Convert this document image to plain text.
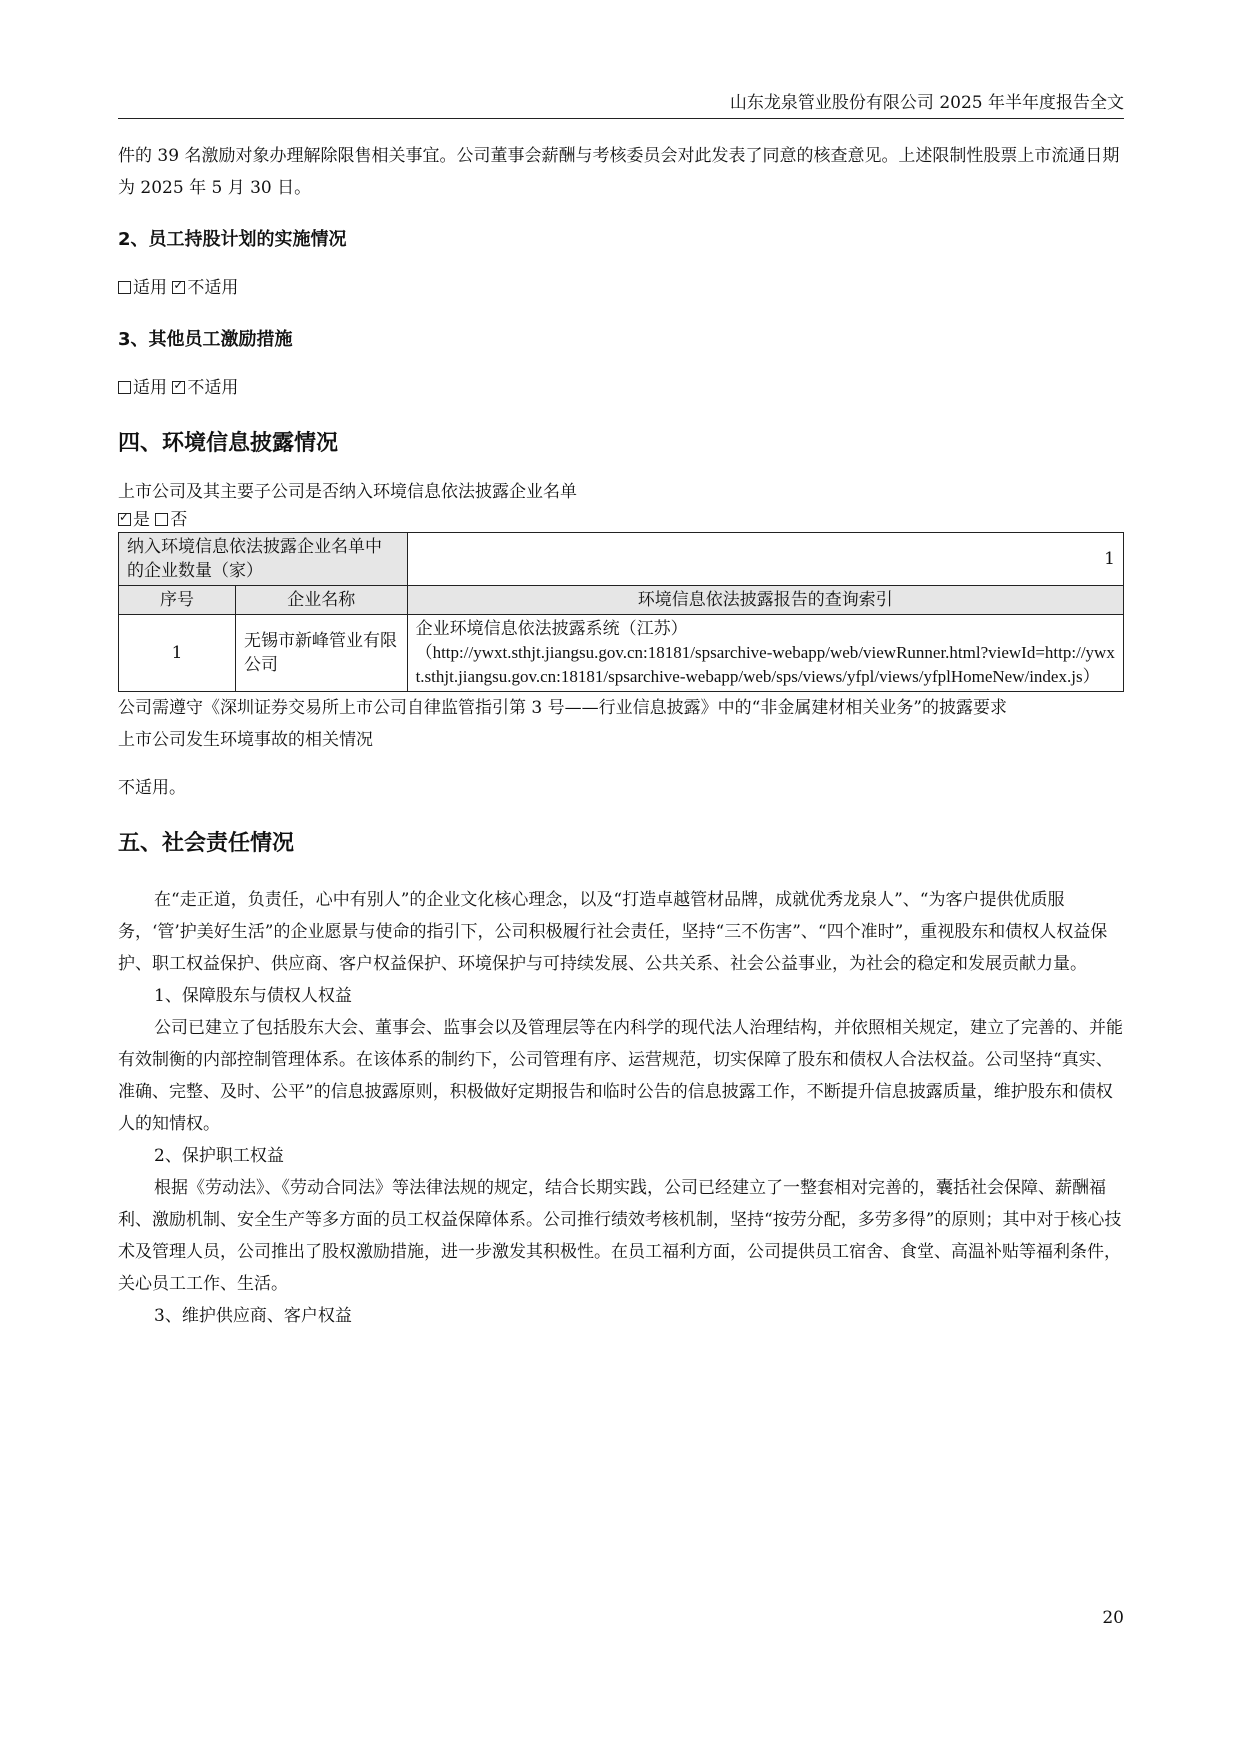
山东龙泉管业股份有限公司 2025 年半年度报告全文

件的 39 名激励对象办理解除限售相关事宜。公司董事会薪酬与考核委员会对此发表了同意的核查意见。上述限制性股票上市流通日期为 2025 年 5 月 30 日。

2、员工持股计划的实施情况
适用 ✓ 不适用
3、其他员工激励措施
适用 ✓ 不适用
四、环境信息披露情况

上市公司及其主要子公司是否纳入环境信息依法披露企业名单

✓是 否
纳入环境信息依法披露企业名单中的企业数量（家）		1
序号	企业名称	环境信息依法披露报告的查询索引
1	无锡市新峰管业有限公司	企业环境信息依法披露系统（江苏）
（http://ywxt.sthjt.jiangsu.gov.cn:18181/spsarchive-webapp/web/viewRunner.html?viewId=http://ywxt.sthjt.jiangsu.gov.cn:18181/spsarchive-webapp/web/sps/views/yfpl/views/yfplHomeNew/index.js）

公司需遵守《深圳证券交易所上市公司自律监管指引第 3 号——行业信息披露》中的“非金属建材相关业务”的披露要求

上市公司发生环境事故的相关情况

不适用。

五、社会责任情况

在“走正道，负责任，心中有别人”的企业文化核心理念，以及“打造卓越管材品牌，成就优秀龙泉人”、“为客户提供优质服务，‘管’护美好生活”的企业愿景与使命的指引下，公司积极履行社会责任，坚持“三不伤害”、“四个准时”，重视股东和债权人权益保护、职工权益保护、供应商、客户权益保护、环境保护与可持续发展、公共关系、社会公益事业，为社会的稳定和发展贡献力量。

1、保障股东与债权人权益

公司已建立了包括股东大会、董事会、监事会以及管理层等在内科学的现代法人治理结构，并依照相关规定，建立了完善的、并能有效制衡的内部控制管理体系。在该体系的制约下，公司管理有序、运营规范，切实保障了股东和债权人合法权益。公司坚持“真实、准确、完整、及时、公平”的信息披露原则，积极做好定期报告和临时公告的信息披露工作，不断提升信息披露质量，维护股东和债权人的知情权。

2、保护职工权益

根据《劳动法》、《劳动合同法》等法律法规的规定，结合长期实践，公司已经建立了一整套相对完善的，囊括社会保障、薪酬福利、激励机制、安全生产等多方面的员工权益保障体系。公司推行绩效考核机制，坚持“按劳分配，多劳多得”的原则；其中对于核心技术及管理人员，公司推出了股权激励措施，进一步激发其积极性。在员工福利方面，公司提供员工宿舍、食堂、高温补贴等福利条件，关心员工工作、生活。

3、维护供应商、客户权益

20
